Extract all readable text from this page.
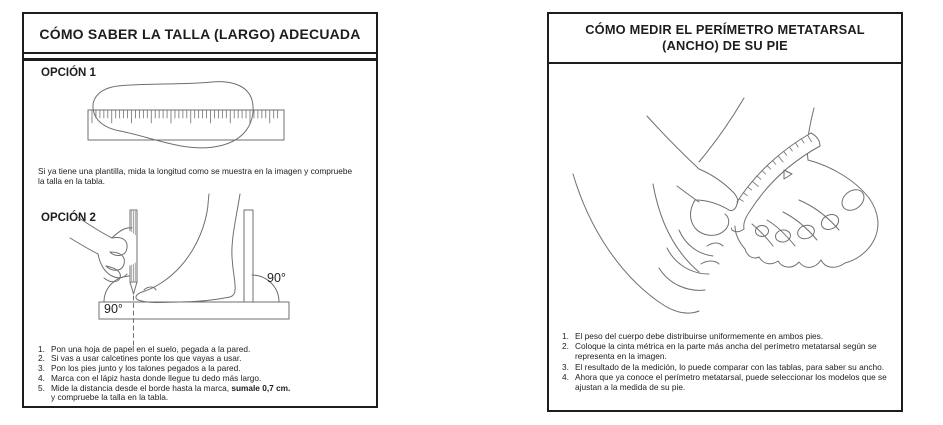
CÓMO SABER LA TALLA (LARGO) ADECUADA
OPCIÓN 1
Si ya tiene una plantilla, mida la longitud como se muestra en la imagen y compruebe
la talla en la tabla.
OPCIÓN 2
90°
90°
1. Pon una hoja de papel en el suelo, pegada a la pared.
2. Si vas a usar calcetines ponte los que vayas a usar.
3. Pon los pies junto y los talones pegados a la pared.
4. Marca con el lápiz hasta donde llegue tu dedo más largo.
5. Mide la distancia desde el borde hasta la marca, sumale 0,7 cm.
y compruebe la talla en la tabla.
CÓMO MEDIR EL PERÍMETRO METATARSAL
(ANCHO) DE SU PIE
1. El peso del cuerpo debe distribuirse uniformemente en ambos pies.
2. Coloque la cinta métrica en la parte más ancha del perímetro metatarsal según se
representa en la imagen.
3. El resultado de la medición, lo puede comparar con las tablas, para saber su ancho.
4. Ahora que ya conoce el perímetro metatarsal, puede seleccionar los modelos que se
ajustan a la medida de su pie.
